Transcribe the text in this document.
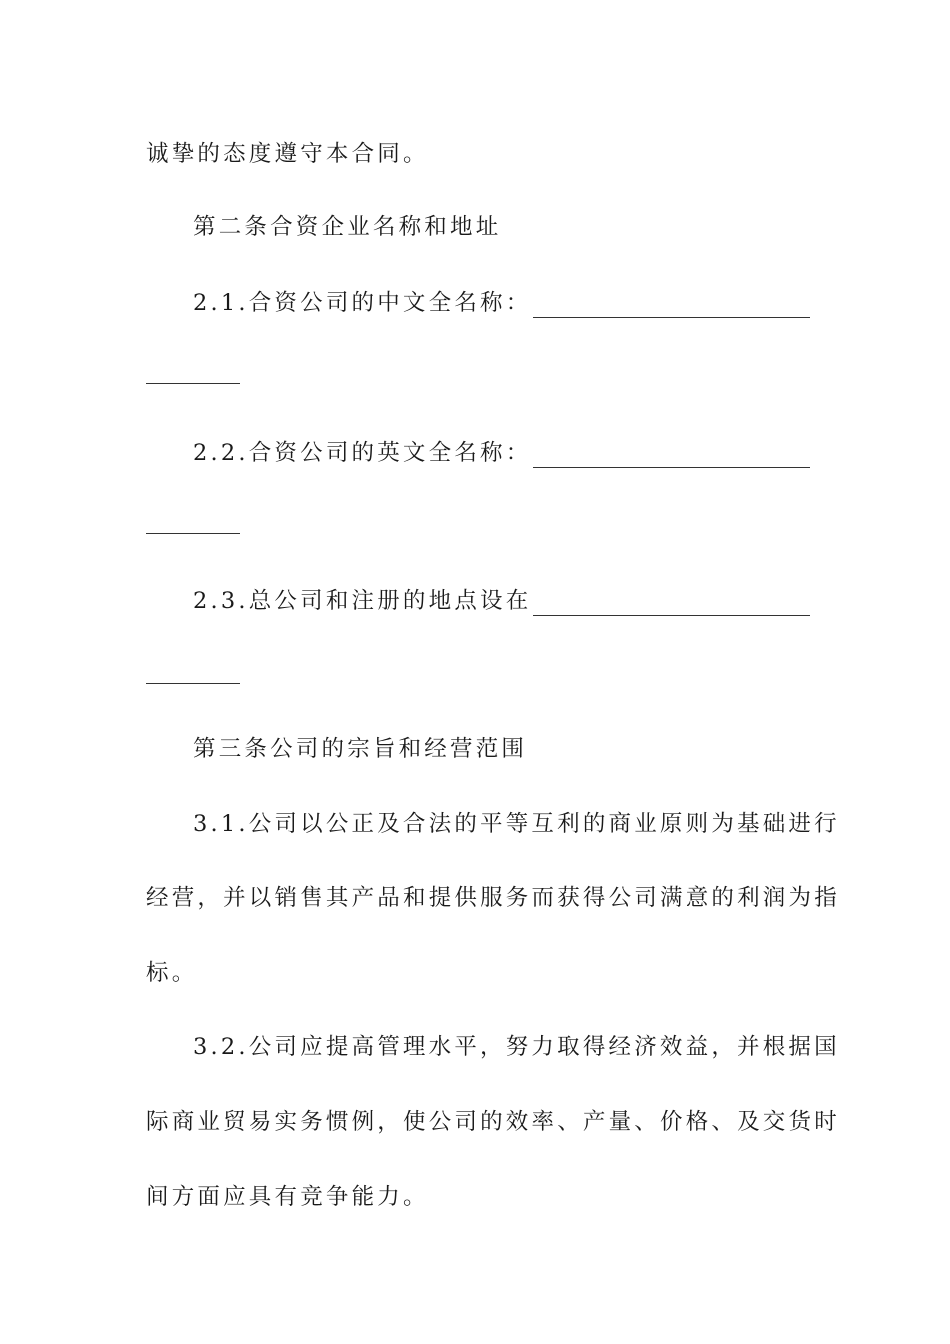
诚挚的态度遵守本合同。
第二条合资企业名称和地址
2.1.合资公司的中文全名称：
2.2.合资公司的英文全名称：
2.3.总公司和注册的地点设在
第三条公司的宗旨和经营范围
3.1.公司以公正及合法的平等互利的商业原则为基础进行
经营，并以销售其产品和提供服务而获得公司满意的利润为指
标。
3.2.公司应提高管理水平，努力取得经济效益，并根据国
际商业贸易实务惯例，使公司的效率、产量、价格、及交货时
间方面应具有竞争能力。
